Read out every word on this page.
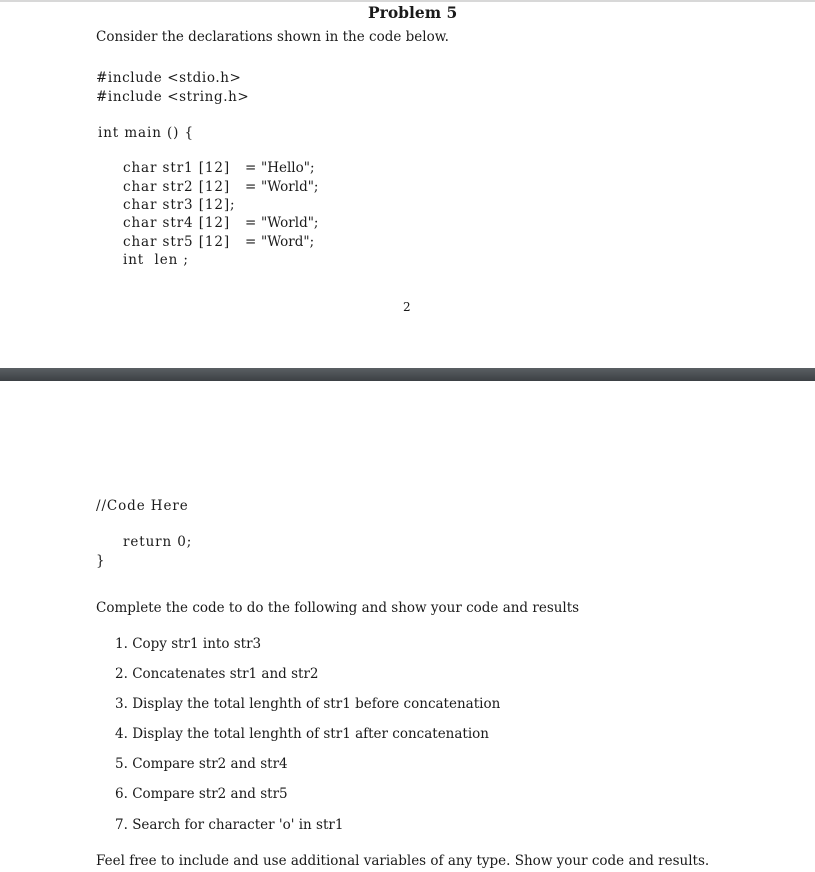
Problem 5
Consider the declarations shown in the code below.
#include <stdio.h>
#include <string.h>
int main () {
char str1 [12] = "Hello";
char str2 [12] = "World";
char str3 [12];
char str4 [12] = "World";
char str5 [12] = "Word";
int  len ;
2
//Code Here
return 0;
}
Complete the code to do the following and show your code and results
1. Copy str1 into str3
2. Concatenates str1 and str2
3. Display the total lenghth of str1 before concatenation
4. Display the total lenghth of str1 after concatenation
5. Compare str2 and str4
6. Compare str2 and str5
7. Search for character 'o' in str1
Feel free to include and use additional variables of any type. Show your code and results.
